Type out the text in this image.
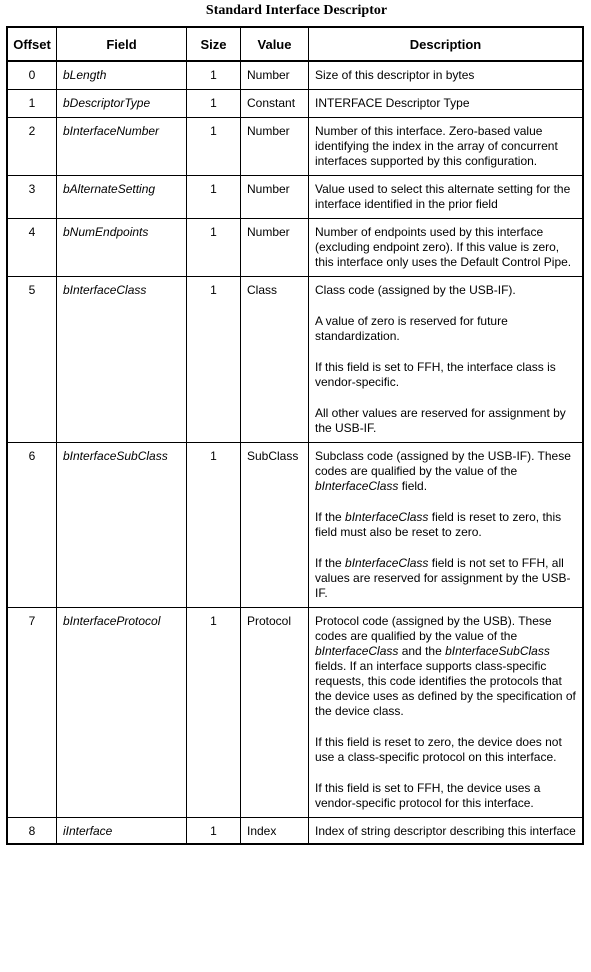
Standard Interface Descriptor
Offset	Field	Size	Value	Description
0	bLength	1	Number	Size of this descriptor in bytes

1	bDescriptorType	1	Constant	INTERFACE Descriptor Type

2	bInterfaceNumber	1	Number	Number of this interface. Zero-based value identifying the index in the array of concurrent interfaces supported by this configuration.

3	bAlternateSetting	1	Number	Value used to select this alternate setting for the interface identified in the prior field

4	bNumEndpoints	1	Number	Number of endpoints used by this interface (excluding endpoint zero). If this value is zero, this interface only uses the Default Control Pipe.

5	bInterfaceClass	1	Class	Class code (assigned by the USB-IF).
A value of zero is reserved for future standardization.
If this field is set to FFH, the interface class is vendor-specific.
All other values are reserved for assignment by the USB-IF.

6	bInterfaceSubClass	1	SubClass	Subclass code (assigned by the USB-IF). These codes are qualified by the value of the bInterfaceClass field.
If the bInterfaceClass field is reset to zero, this field must also be reset to zero.
If the bInterfaceClass field is not set to FFH, all values are reserved for assignment by the USB-IF.

7	bInterfaceProtocol	1	Protocol	Protocol code (assigned by the USB). These codes are qualified by the value of the bInterfaceClass and the bInterfaceSubClass fields. If an interface supports class-specific requests, this code identifies the protocols that the device uses as defined by the specification of the device class.
If this field is reset to zero, the device does not use a class-specific protocol on this interface.
If this field is set to FFH, the device uses a vendor-specific protocol for this interface.

8	iInterface	1	Index	Index of string descriptor describing this interface
